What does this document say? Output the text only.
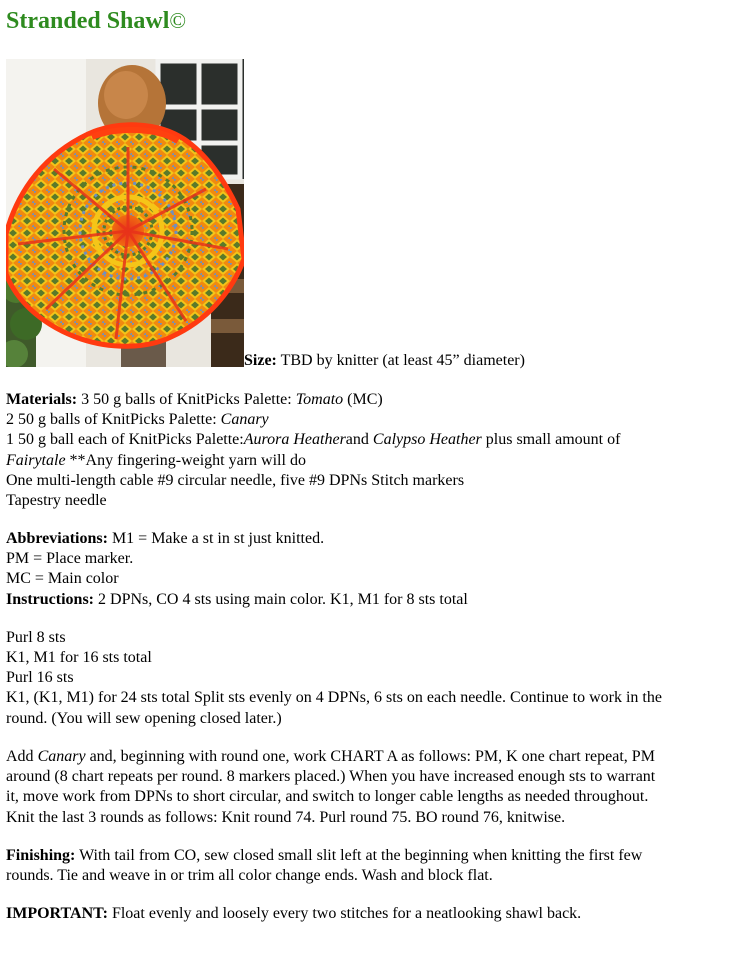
Stranded Shawl©
Size: TBD by knitter (at least 45” diameter)
Materials: 3 50 g balls of KnitPicks Palette: Tomato (MC)
2 50 g balls of KnitPicks Palette: Canary
1 50 g ball each of KnitPicks Palette:Aurora Heatherand Calypso Heather plus small amount of
Fairytale **Any fingering-weight yarn will do
One multi-length cable #9 circular needle, five #9 DPNs Stitch markers
Tapestry needle
Abbreviations: M1 = Make a st in st just knitted.
PM = Place marker.
MC = Main color
Instructions: 2 DPNs, CO 4 sts using main color. K1, M1 for 8 sts total
Purl 8 sts
K1, M1 for 16 sts total
Purl 16 sts
K1, (K1, M1) for 24 sts total Split sts evenly on 4 DPNs, 6 sts on each needle. Continue to work in the
round. (You will sew opening closed later.)
Add Canary and, beginning with round one, work CHART A as follows: PM, K one chart repeat, PM
around (8 chart repeats per round. 8 markers placed.) When you have increased enough sts to warrant
it, move work from DPNs to short circular, and switch to longer cable lengths as needed throughout.
Knit the last 3 rounds as follows: Knit round 74. Purl round 75. BO round 76, knitwise.
Finishing: With tail from CO, sew closed small slit left at the beginning when knitting the first few
rounds. Tie and weave in or trim all color change ends. Wash and block flat.
IMPORTANT: Float evenly and loosely every two stitches for a neatlooking shawl back.
